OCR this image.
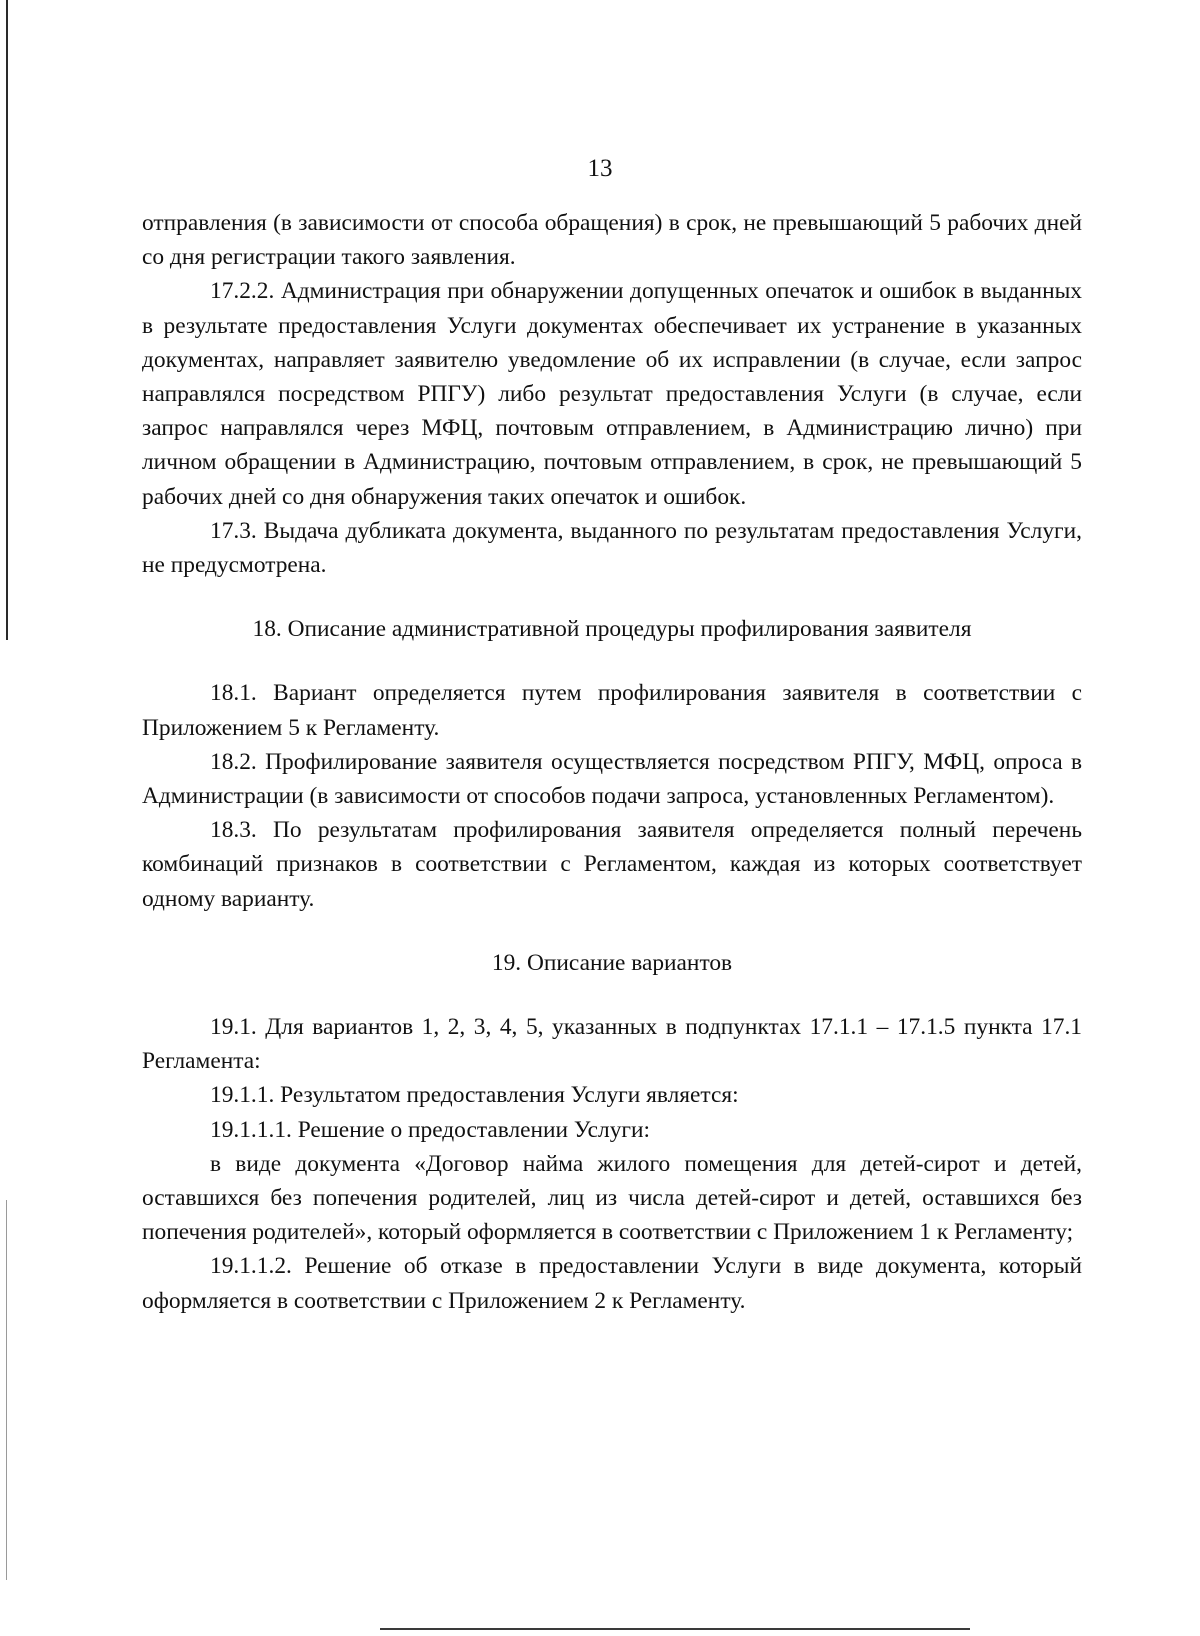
13

отправления (в зависимости от способа обращения) в срок, не превышающий 5 рабочих дней со дня регистрации такого заявления.

17.2.2. Администрация при обнаружении допущенных опечаток и ошибок в выданных в результате предоставления Услуги документах обеспечивает их устранение в указанных документах, направляет заявителю уведомление об их исправлении (в случае, если запрос направлялся посредством РПГУ) либо результат предоставления Услуги (в случае, если запрос направлялся через МФЦ, почтовым отправлением, в Администрацию лично) при личном обращении в Администрацию, почтовым отправлением, в срок, не превышающий 5 рабочих дней со дня обнаружения таких опечаток и ошибок.

17.3. Выдача дубликата документа, выданного по результатам предоставления Услуги, не предусмотрена.

18. Описание административной процедуры профилирования заявителя

18.1. Вариант определяется путем профилирования заявителя в соответствии с Приложением 5 к Регламенту.

18.2. Профилирование заявителя осуществляется посредством РПГУ, МФЦ, опроса в Администрации (в зависимости от способов подачи запроса, установленных Регламентом).

18.3. По результатам профилирования заявителя определяется полный перечень комбинаций признаков в соответствии с Регламентом, каждая из которых соответствует одному варианту.

19. Описание вариантов

19.1. Для вариантов 1, 2, 3, 4, 5, указанных в подпунктах 17.1.1 – 17.1.5 пункта 17.1 Регламента:

19.1.1. Результатом предоставления Услуги является:

19.1.1.1. Решение о предоставлении Услуги:

в виде документа «Договор найма жилого помещения для детей-сирот и детей, оставшихся без попечения родителей, лиц из числа детей-сирот и детей, оставшихся без попечения родителей», который оформляется в соответствии с Приложением 1 к Регламенту;

19.1.1.2. Решение об отказе в предоставлении Услуги в виде документа, который оформляется в соответствии с Приложением 2 к Регламенту.
